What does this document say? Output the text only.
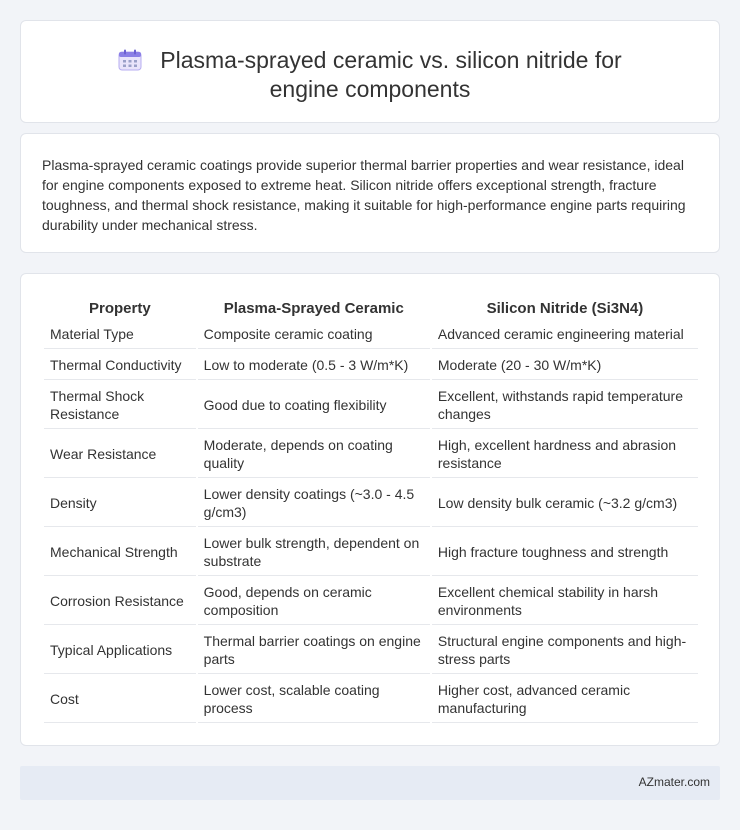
Plasma-sprayed ceramic vs. silicon nitride for engine components
Plasma-sprayed ceramic coatings provide superior thermal barrier properties and wear resistance, ideal for engine components exposed to extreme heat. Silicon nitride offers exceptional strength, fracture toughness, and thermal shock resistance, making it suitable for high-performance engine parts requiring durability under mechanical stress.
Property	Plasma-Sprayed Ceramic	Silicon Nitride (Si3N4)
Material Type	Composite ceramic coating	Advanced ceramic engineering material
Thermal Conductivity	Low to moderate (0.5 - 3 W/m*K)	Moderate (20 - 30 W/m*K)
Thermal Shock Resistance	Good due to coating flexibility	Excellent, withstands rapid temperature changes
Wear Resistance	Moderate, depends on coating quality	High, excellent hardness and abrasion resistance
Density	Lower density coatings (~3.0 - 4.5 g/cm3)	Low density bulk ceramic (~3.2 g/cm3)
Mechanical Strength	Lower bulk strength, dependent on substrate	High fracture toughness and strength
Corrosion Resistance	Good, depends on ceramic composition	Excellent chemical stability in harsh environments
Typical Applications	Thermal barrier coatings on engine parts	Structural engine components and high-stress parts
Cost	Lower cost, scalable coating process	Higher cost, advanced ceramic manufacturing
AZmater.com
